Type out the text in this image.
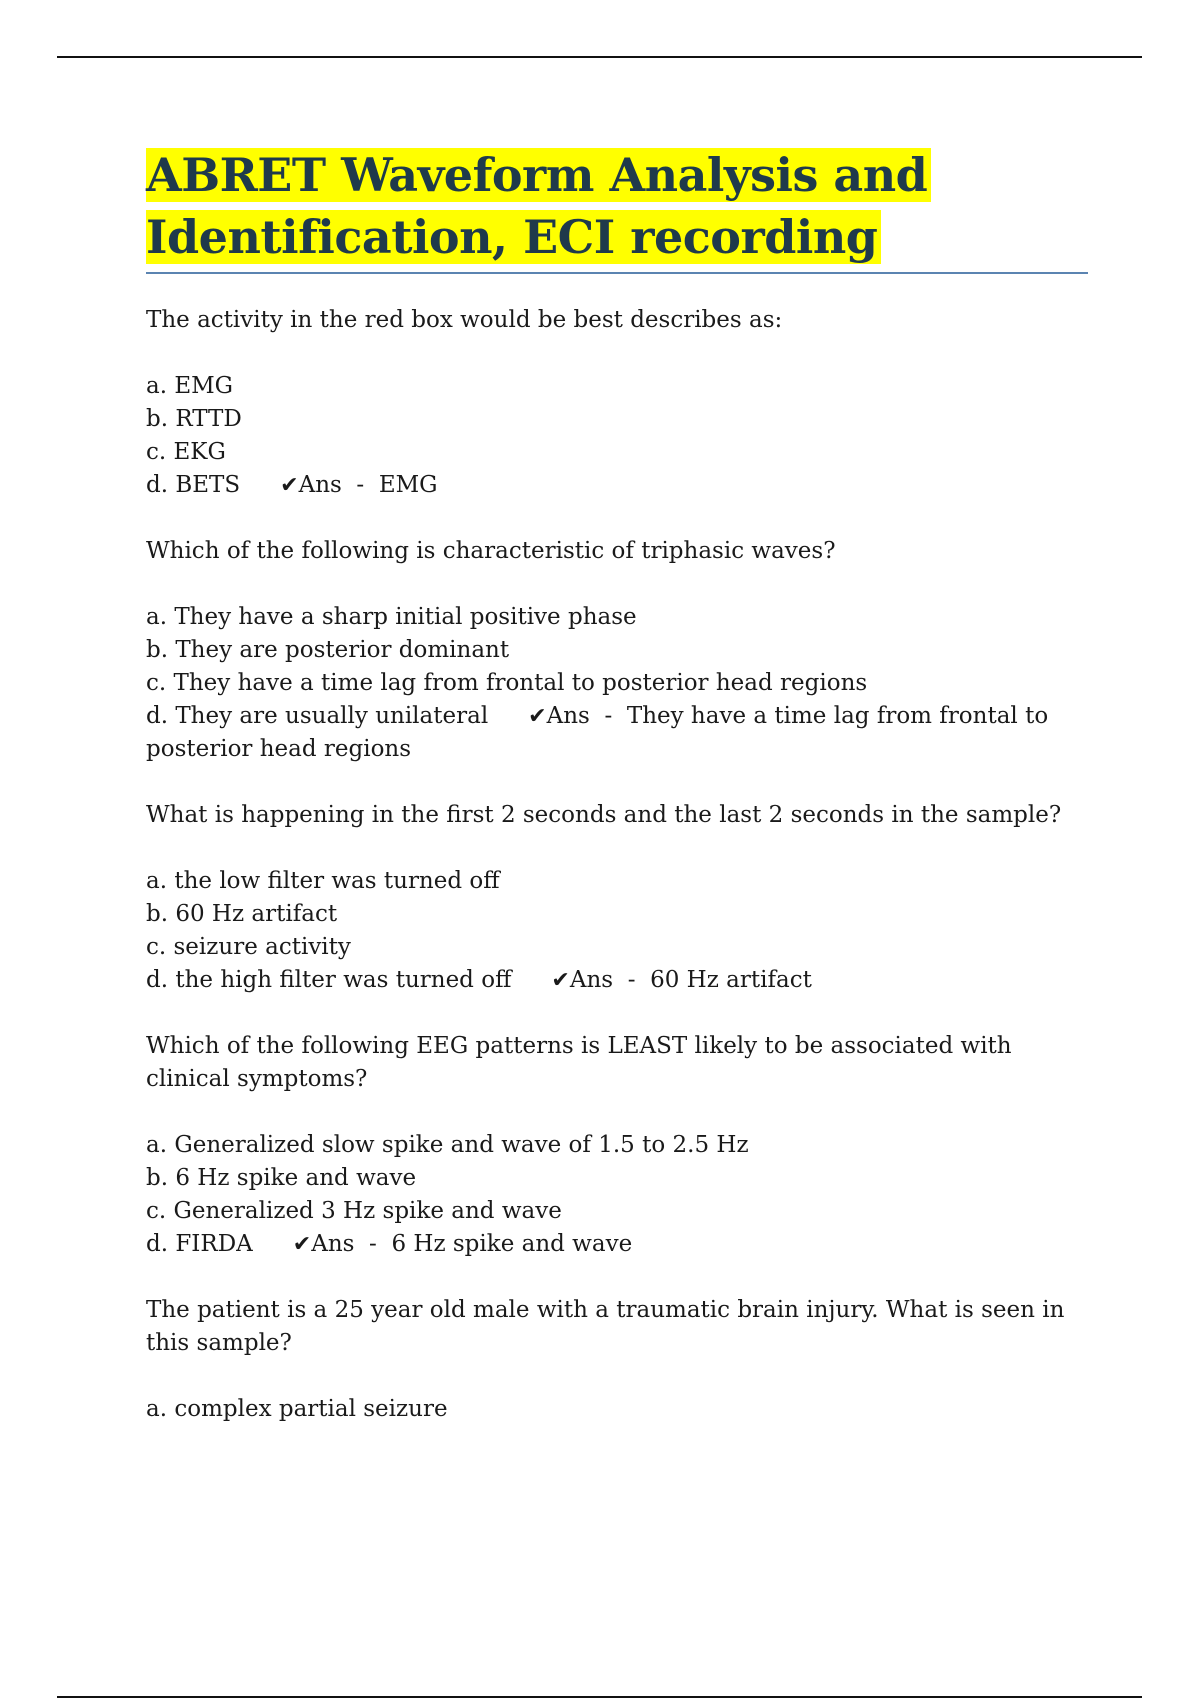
ABRET Waveform Analysis and
Identification, ECI recording

The activity in the red box would be best describes as:

a. EMG
b. RTTD
c. EKG
d. BETS ✔Ans  -  EMG

Which of the following is characteristic of triphasic waves?

a. They have a sharp initial positive phase
b. They are posterior dominant
c. They have a time lag from frontal to posterior head regions
d. They are usually unilateral ✔Ans  -  They have a time lag from frontal to posterior head regions

What is happening in the first 2 seconds and the last 2 seconds in the sample?

a. the low filter was turned off
b. 60 Hz artifact
c. seizure activity
d. the high filter was turned off ✔Ans  -  60 Hz artifact

Which of the following EEG patterns is LEAST likely to be associated with clinical symptoms?

a. Generalized slow spike and wave of 1.5 to 2.5 Hz
b. 6 Hz spike and wave
c. Generalized 3 Hz spike and wave
d. FIRDA ✔Ans  -  6 Hz spike and wave

The patient is a 25 year old male with a traumatic brain injury. What is seen in this sample?

a. complex partial seizure
